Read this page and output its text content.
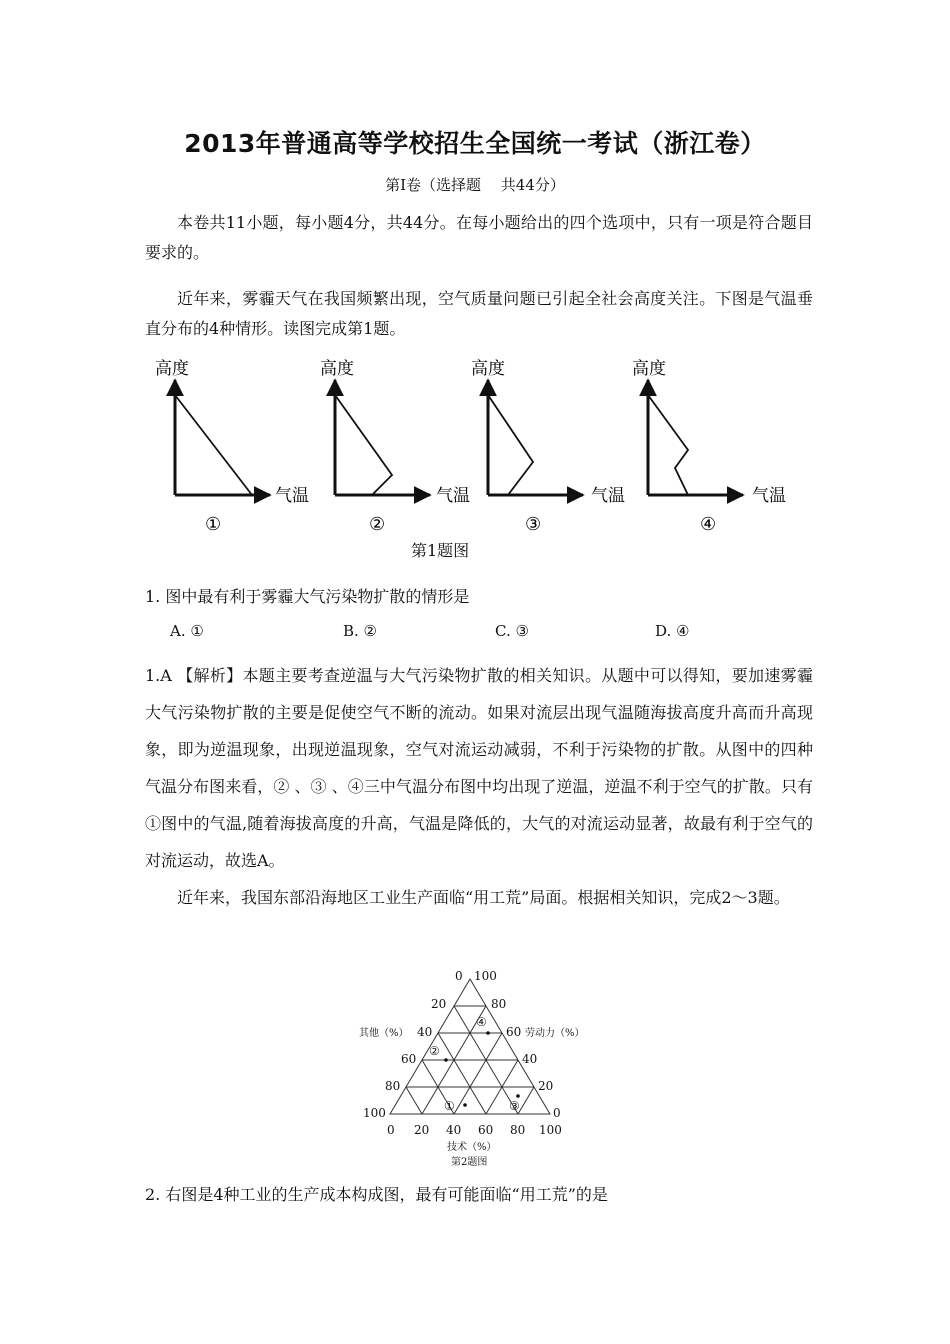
2013年普通高等学校招生全国统一考试（浙江卷）
第Ⅰ卷（选择题　 共44分）
本卷共11小题，每小题4分，共44分。在每小题给出的四个选项中，只有一项是符合题目要求的。
近年来，雾霾天气在我国频繁出现，空气质量问题已引起全社会高度关注。下图是气温垂直分布的4种情形。读图完成第1题。
高度
气温
①
高度
气温
②
高度
气温
③
高度
气温
④
第1题图
1. 图中最有利于雾霾大气污染物扩散的情形是
A. ①	B. ②	C. ③	D. ④
1.A 【解析】本题主要考查逆温与大气污染物扩散的相关知识。从题中可以得知，要加速雾霾大气污染物扩散的主要是促使空气不断的流动。如果对流层出现气温随海拔高度升高而升高现象，即为逆温现象，出现逆温现象，空气对流运动减弱，不利于污染物的扩散。从图中的四种气温分布图来看，② 、③ 、④三中气温分布图中均出现了逆温，逆温不利于空气的扩散。只有 ①图中的气温,随着海拔高度的升高，气温是降低的，大气的对流运动显著，故最有利于空气的对流运动，故选A。
近年来，我国东部沿海地区工业生产面临“用工荒”局面。根据相关知识，完成2～3题。
0
20
40
60
80
100
100
80
60
40
20
0
0 20 40 60 80 100
其他（%）	劳动力（%）
技术（%）
第2题图
④
②
①	③
2. 右图是4种工业的生产成本构成图，最有可能面临“用工荒”的是
